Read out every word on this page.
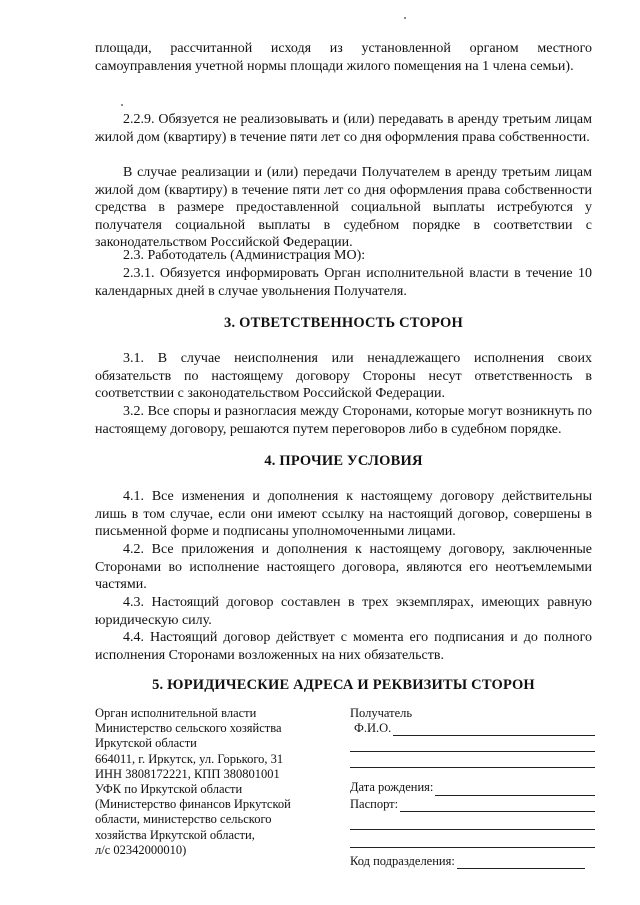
площади, рассчитанной исходя из установленной органом местного самоуправления учетной нормы площади жилого помещения на 1 члена семьи).

2.2.9. Обязуется не реализовывать и (или) передавать в аренду третьим лицам жилой дом (квартиру) в течение пяти лет со дня оформления права собственности.

В случае реализации и (или) передачи Получателем в аренду третьим лицам жилой дом (квартиру) в течение пяти лет со дня оформления права собственности средства в размере предоставленной социальной выплаты истребуются у получателя социальной выплаты в судебном порядке в соответствии с законодательством Российской Федерации.

2.3. Работодатель (Администрация МО):

2.3.1. Обязуется информировать Орган исполнительной власти в течение 10 календарных дней в случае увольнения Получателя.

3. ОТВЕТСТВЕННОСТЬ СТОРОН

3.1. В случае неисполнения или ненадлежащего исполнения своих обязательств по настоящему договору Стороны несут ответственность в соответствии с законодательством Российской Федерации.

3.2. Все споры и разногласия между Сторонами, которые могут возникнуть по настоящему договору, решаются путем переговоров либо в судебном порядке.

4. ПРОЧИЕ УСЛОВИЯ

4.1. Все изменения и дополнения к настоящему договору действительны лишь в том случае, если они имеют ссылку на настоящий договор, совершены в письменной форме и подписаны уполномоченными лицами.

4.2. Все приложения и дополнения к настоящему договору, заключенные Сторонами во исполнение настоящего договора, являются его неотъемлемыми частями.

4.3. Настоящий договор составлен в трех экземплярах, имеющих равную юридическую силу.

4.4. Настоящий договор действует с момента его подписания и до полного исполнения Сторонами возложенных на них обязательств.

5. ЮРИДИЧЕСКИЕ АДРЕСА И РЕКВИЗИТЫ СТОРОН
Орган исполнительной власти
Министерство сельского хозяйства
Иркутской области
664011, г. Иркутск, ул. Горького, 31
ИНН 3808172221, КПП 380801001
УФК по Иркутской области
(Министерство финансов Иркутской
области, министерство сельского
хозяйства Иркутской области,
л/с 02342000010)
Получатель
Ф.И.О.
Дата рождения:
Паспорт:
Код подразделения:
